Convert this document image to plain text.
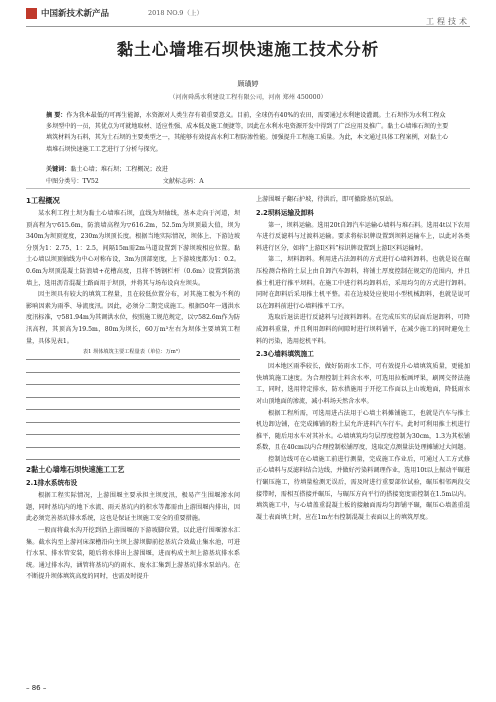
中国新技术新产品	2018 NO.9（上）
工程技术
黏土心墙堆石坝快速施工技术分析
顾璜婷
（河南舜禹水利建设工程有限公司，河南 郑州 450000）

摘 要：作为我本最低的可再生能源，水资源对人类生存有着重要意义。目前，全球仍有40%的农田，需要通过水利建设灌溉。土石坝作为水利工程众多坝型中的一员，其优点为可就地取材、适应性强、成本低及施工便捷等，因此在水利水电资源开发中得到了广泛应用及推广。黏土心墙堆石坝的主要填筑材料为石料，其为土石坝的主要类型之一，其能够有效提高水利工程防渗性能。加强提升工程施工质量。为此，本文通过具体工程案例，对黏土心墙堆石坝快速施工工艺进行了分析与探究。

关键词：黏土心墙；堆石坝；工程概况；改进
中图分类号：TV52	文献标志码：A
1工程概况

某水利工程土坝为黏土心墙堆石坝，直线为坝轴线，基本走向于河道，坝顶高程为▽615.6m，防浪墙高程为▽616.2m，52.5m为坝顶最大值，坝为340m为坝顶宽度，230m为坝顶长度。根据当地实际情况，坝体上、下游边坡分别为1：2.75、1：2.5，间隔15m需2m马道设置到下游坝坡相应位置。黏土心墙以坝顶轴线为中心对称布设，3m为顶部宽度，上下游坡度都为1：0.2。0.6m为坝顶混凝土防浪墙+花槽高度，且将不锈钢栏杆（0.6m）设置到防浪墙上，选用沥青混凝土路面用于坝顶，并将其与场布设向左坝头。

因主坝具有较大的填筑工程量，且在较低位置分布，对其施工极为不利的影响因素为雨季、导流度汛。因此，必须分二期完成施工。根据50年一遇洪水度汛标准，▽581.94m为其调洪水位，按照施工规范规定，以▽582.6m作为防汛高程，其顶高为19.5m，80m为坝长，60万m³左右为坝体主要填筑工程量，具体见表1。

表1 坝体填筑主要工程量表（单位：万m³）

2黏土心墙堆石坝快速施工工艺
2.1排水系统布设

根据工程实际情况，上游围堰主要承担主坝度汛，极易产生围堰渗水问题，同时基坑内的地下水流、雨天基坑内的积水等都需由上游围堰内排出，因此必须完善基坑排水系统，这也是保证主坝施工安全的重要措施。

一般而将截水沟开挖到沿上游围堰的下游坡脚位置，以此进行围堰渗水汇集。截水沟至上游河床深槽沿向主坝上游坝脚前挖基坑合效截止集水池，可进行水泵、排水管安装，随后将水排出上游围堰，进而构成主坝上游基坑排水系统。通过排水沟，涵管将基坑内的雨水、废水汇集到上游基坑排水泵站内。在不断提升坝体填筑高度的同时，也需及时提升

上游围堰子翻石护坡，待洪后，即可撤除基坑泵站。

2.2坝料运输及卸料

第一，坝料运输。选用20t自卸汽车运输心墙料与堆石料。选用4t以下农用车进行反滤料与过渡料运输。要求将标识牌设置到坝料运输车上，以此对各类料进行区分，如将“上游Ⅰ区料”标识牌设置到上游Ⅰ区料运输时。

第二，坝料卸料。利用进占法卸料的方式进行心墙料卸料，也就是说在碾压检测合格的土层上由自卸汽车卸料，将铺土厚度控制在规定的范围内，并且推土机进行推平坝料。在施工中进行料均卸料后，采用均匀的方式进行卸料。同时在卸料后采用推土机平整。若在边坡处应使用小型机械卸料，也就是说可以在卸料前进行心墙料推平工序。

选取后退法进行反滤料与过渡料卸料。在完成压实的层面后退卸料，可降成卸料重量，并且利用卸料的间隙时进行坝料铺平，在减少施工的同时避免土料的污染，选用挖机平料。

2.3心墙料填筑施工

因本地区雨季较长，做好防雨水工作，可有效提升心墙填筑质量，更能加快填筑施工速度。为合理控制土料含水率，可选用拉板画坪果，刷网交替法施工，同时，选用特定排水，防水措施用于开挖工作面以上山坡地面，降低雨水对山顶地面的渗流，减小料场天然含水率。

根据工程所需，可选用进占法用于心墙土料摊铺施工，也就是汽车与推土机边卸边铺，在完成摊铺的粉土层允许进料汽车行车。此时可利用推土机进行推平，随后用水车对其补水。心墙填筑均匀层厚度控制为30cm，1.3为其松铺系数，且在40cm以内合理控制松铺厚度，选取定点测量法处理摊铺过大问题。

控制边线可在心墙施工前进行测量，完成施工作业后，可通过人工方式修正心墙料与反滤料结合边线，并做好污染料调理作业，选用10t以上振动平碾进行碾压施工，待填量检测无误后，需及时进行重要部位试验，碾压相邻两段交接带时，需相互搭接并碾压，与碾压方向平行的搭接宽度需控制在1.5m以内。填筑施工中，与心墙盖重混凝土板的接触面需均匀卸铺平碾，碾压心墙盖重混凝土表面填土时，应在1m左右控制混凝土表面以上的填筑厚度。

– 86 –
